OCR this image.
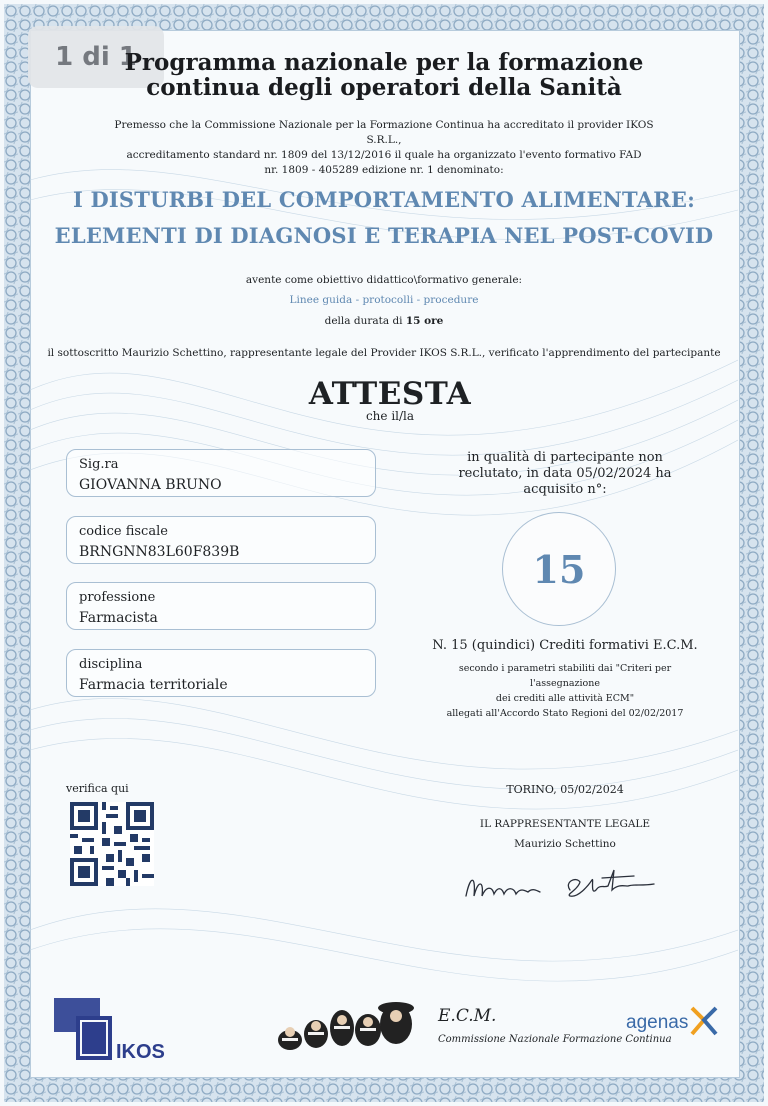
1 di 1
Programma nazionale per la formazione
continua degli operatori della Sanità
Premesso che la Commissione Nazionale per la Formazione Continua ha accreditato il provider IKOS S.R.L.,
accreditamento standard nr. 1809 del 13/12/2016 il quale ha organizzato l'evento formativo FAD
nr. 1809 - 405289 edizione nr. 1 denominato:
I DISTURBI DEL COMPORTAMENTO ALIMENTARE:
ELEMENTI DI DIAGNOSI E TERAPIA NEL POST-COVID
avente come obiettivo didattico\formativo generale:
Linee guida - protocolli - procedure
della durata di 15 ore
il sottoscritto Maurizio Schettino, rappresentante legale del Provider IKOS S.R.L., verificato l'apprendimento del partecipante
ATTESTA
che il/la
Sig.ra
GIOVANNA BRUNO
codice fiscale
BRNGNN83L60F839B
professione
Farmacista
disciplina
Farmacia territoriale
in qualità di partecipante non
reclutato, in data 05/02/2024 ha
acquisito n°:
15
N. 15 (quindici) Crediti formativi E.C.M.
secondo i parametri stabiliti dai "Criteri per
l'assegnazione
dei crediti alle attività ECM"
allegati all'Accordo Stato Regioni del 02/02/2017
verifica qui	TORINO, 05/02/2024
IL RAPPRESENTANTE LEGALE
Maurizio Schettino
IKOS
E.C.M.
Commissione Nazionale Formazione Continua
agenas
